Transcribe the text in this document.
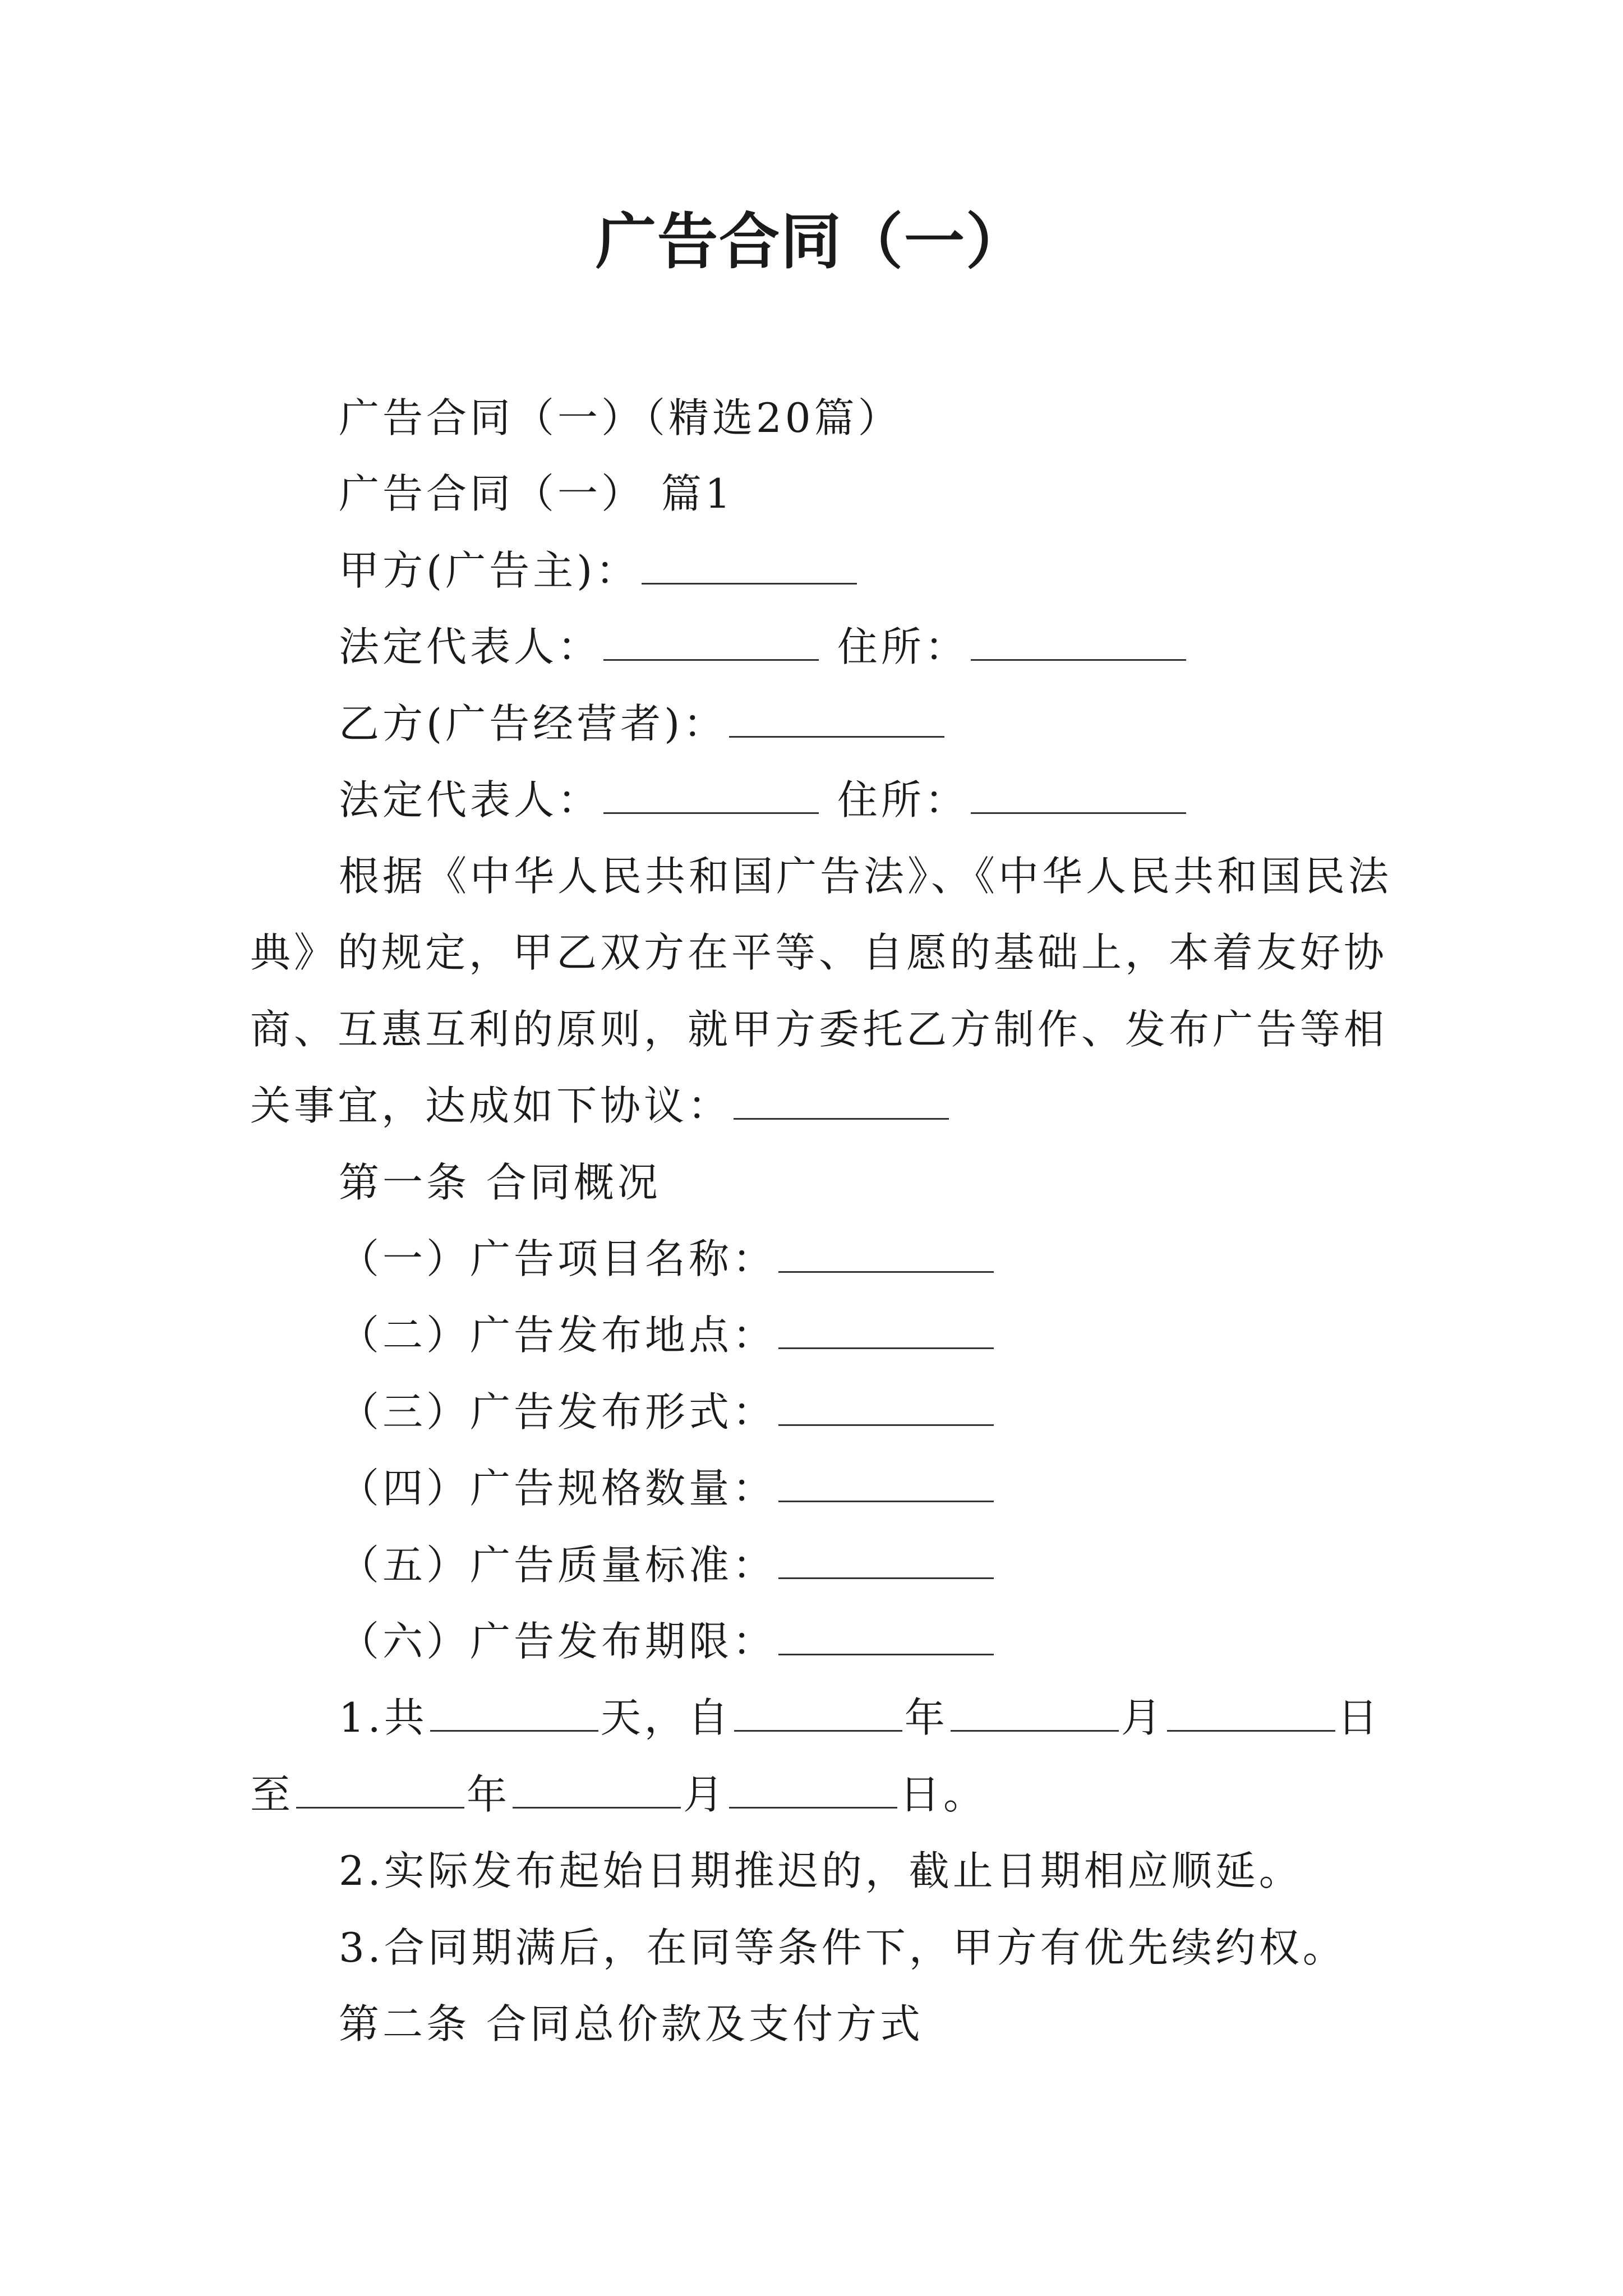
广告合同（一）
广告合同（一）（精选20篇）
广告合同（一） 篇1
甲方(广告主)：
法定代表人：	住所：
乙方(广告经营者)：
法定代表人：	住所：
根据《中华人民共和国广告法》、《中华人民共和国民法
典》的规定，甲乙双方在平等、自愿的基础上，本着友好协
商、互惠互利的原则，就甲方委托乙方制作、发布广告等相
关事宜，达成如下协议：
第一条 合同概况
（一）广告项目名称：
（二）广告发布地点：
（三）广告发布形式：
（四）广告规格数量：
（五）广告质量标准：
（六）广告发布期限：
1.共	天，自	年	月	日
至	年	月	日。
2.实际发布起始日期推迟的，截止日期相应顺延。
3.合同期满后，在同等条件下，甲方有优先续约权。
第二条 合同总价款及支付方式
